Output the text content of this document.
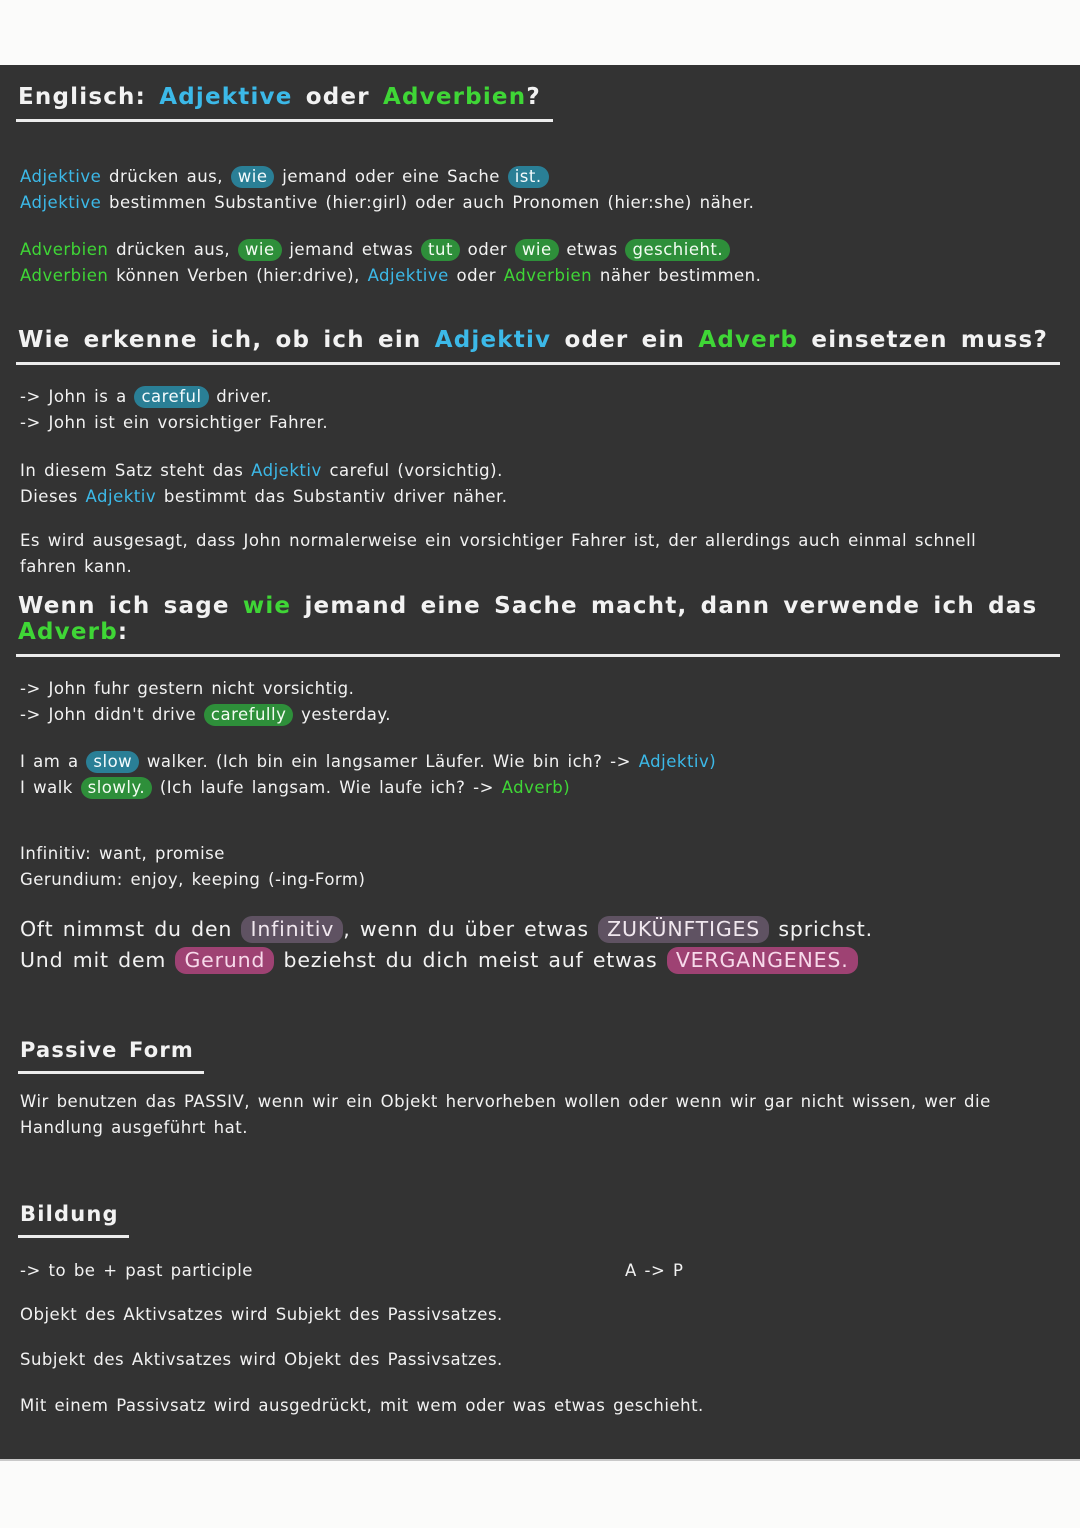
Englisch: Adjektive oder Adverbien?
Adjektive drücken aus, wie jemand oder eine Sache ist.
Adjektive bestimmen Substantive (hier:girl) oder auch Pronomen (hier:she) näher.
Adverbien drücken aus, wie jemand etwas tut oder wie etwas geschieht.
Adverbien können Verben (hier:drive), Adjektive oder Adverbien näher bestimmen.
Wie erkenne ich, ob ich ein Adjektiv oder ein Adverb einsetzen muss?
-> John is a careful driver.
-> John ist ein vorsichtiger Fahrer.
In diesem Satz steht das Adjektiv careful (vorsichtig).
Dieses Adjektiv bestimmt das Substantiv driver näher.
Es wird ausgesagt, dass John normalerweise ein vorsichtiger Fahrer ist, der allerdings auch einmal schnell
fahren kann.
Wenn ich sage wie jemand eine Sache macht, dann verwende ich das Adverb:
-> John fuhr gestern nicht vorsichtig.
-> John didn't drive carefully yesterday.
I am a slow walker. (Ich bin ein langsamer Läufer. Wie bin ich? -> Adjektiv)
I walk slowly. (Ich laufe langsam. Wie laufe ich? -> Adverb)
Infinitiv: want, promise
Gerundium: enjoy, keeping (-ing-Form)
Oft nimmst du den Infinitiv , wenn du über etwas ZUKÜNFTIGES sprichst.
Und mit dem Gerund beziehst du dich meist auf etwas VERGANGENES.
Passive Form
Wir benutzen das PASSIV, wenn wir ein Objekt hervorheben wollen oder wenn wir gar nicht wissen, wer die
Handlung ausgeführt hat.
Bildung
-> to be + past participle	A -> P
Objekt des Aktivsatzes wird Subjekt des Passivsatzes.
Subjekt des Aktivsatzes wird Objekt des Passivsatzes.
Mit einem Passivsatz wird ausgedrückt, mit wem oder was etwas geschieht.
